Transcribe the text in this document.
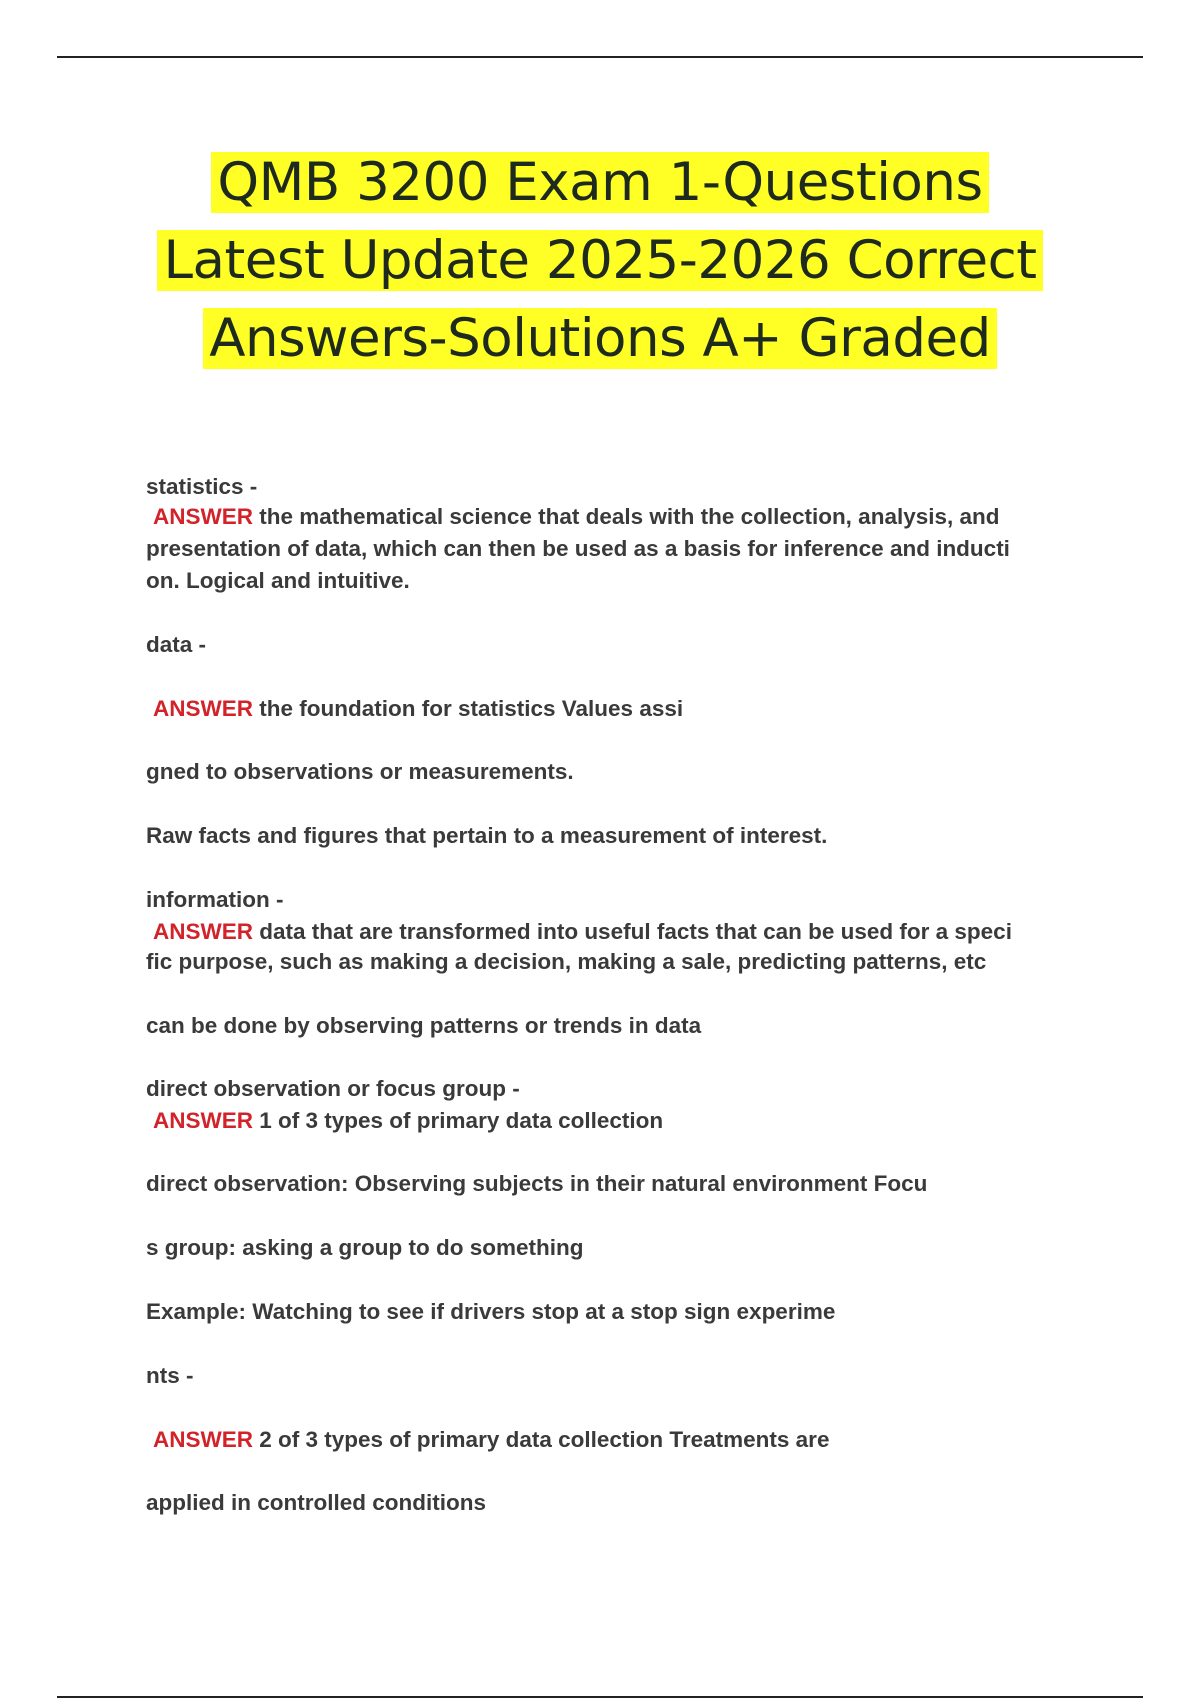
QMB 3200 Exam 1-Questions
Latest Update 2025-2026 Correct
Answers-Solutions A+ Graded
statistics -
ANSWER the mathematical science that deals with the collection, analysis, and
presentation of data, which can then be used as a basis for inference and inducti
on. Logical and intuitive.
data -
ANSWER the foundation for statistics Values assi
gned to observations or measurements.
Raw facts and figures that pertain to a measurement of interest.
information -
ANSWER data that are transformed into useful facts that can be used for a speci
fic purpose, such as making a decision, making a sale, predicting patterns, etc
can be done by observing patterns or trends in data
direct observation or focus group -
ANSWER 1 of 3 types of primary data collection
direct observation: Observing subjects in their natural environment Focu
s group: asking a group to do something
Example: Watching to see if drivers stop at a stop sign experime
nts -
ANSWER 2 of 3 types of primary data collection Treatments are
applied in controlled conditions
